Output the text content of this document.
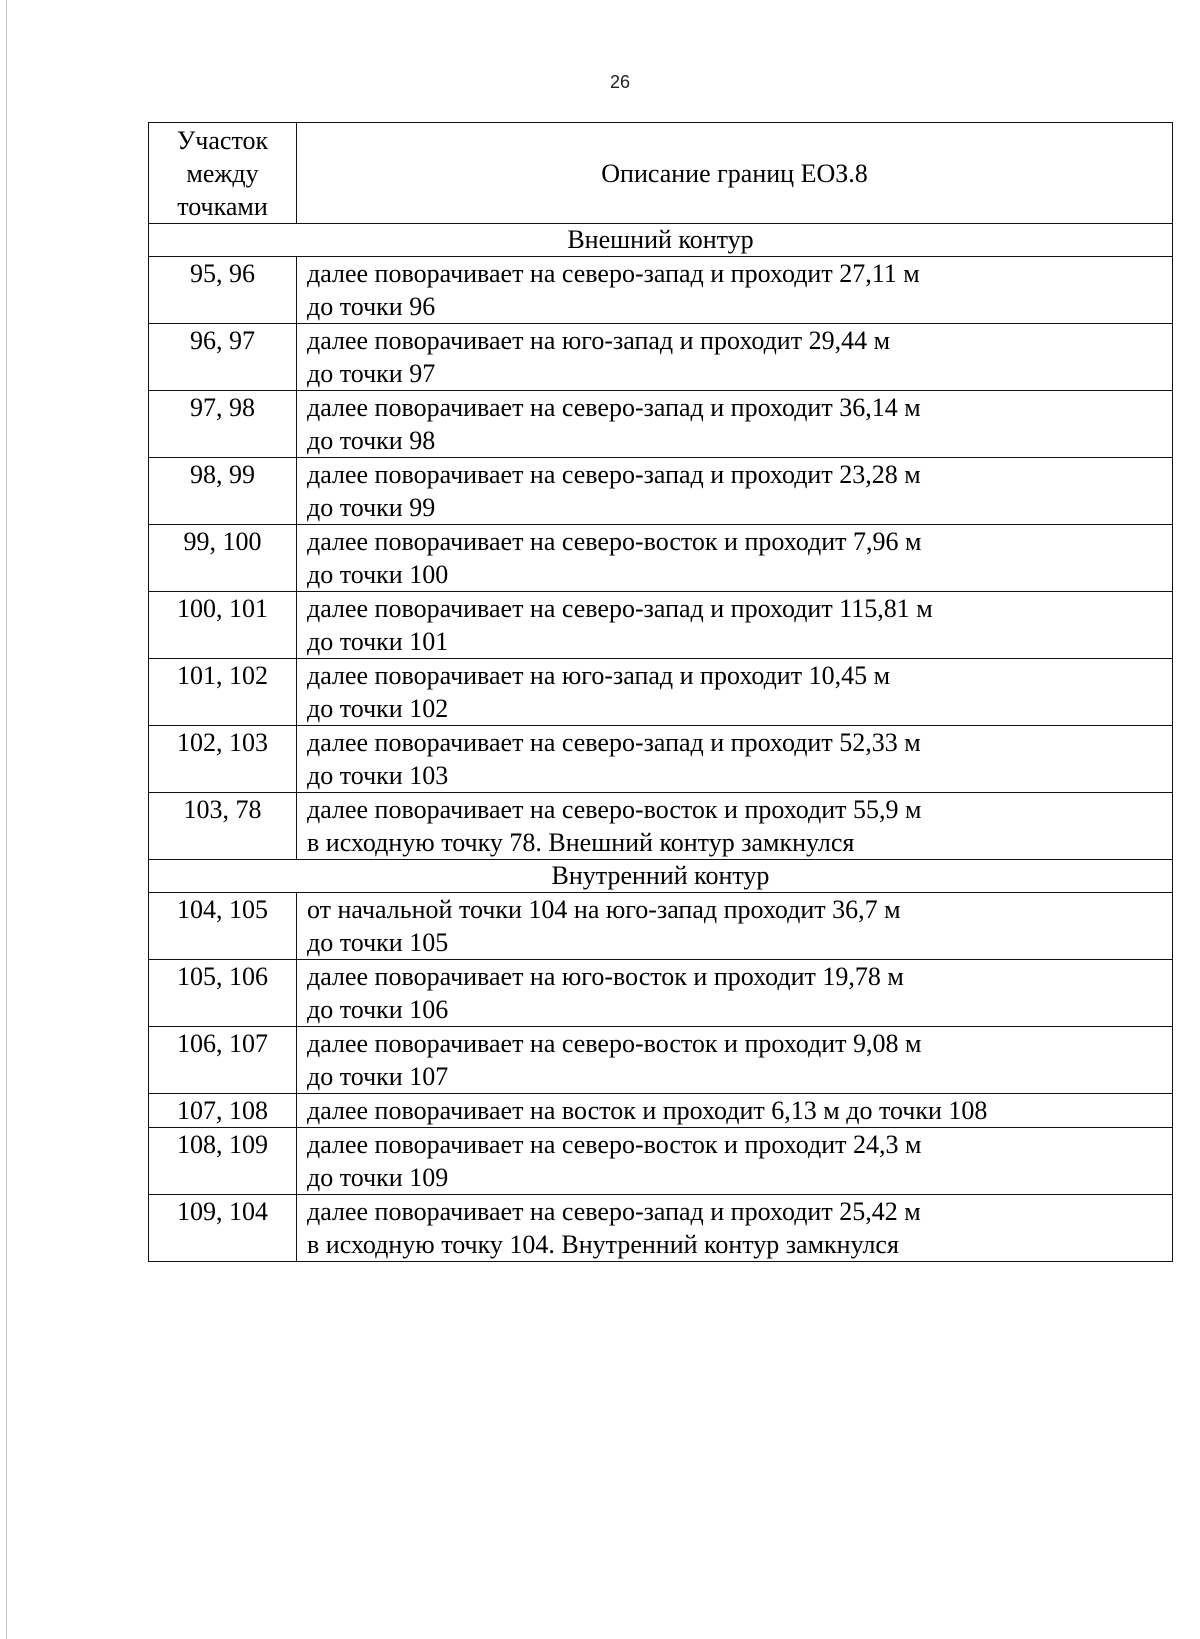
26
Участок
между
точками	Описание границ ЕОЗ.8
Внешний контур	
95, 96	далее поворачивает на северо-запад и проходит 27,11 м
до точки 96

96, 97	далее поворачивает на юго-запад и проходит 29,44 м
до точки 97

97, 98	далее поворачивает на северо-запад и проходит 36,14 м
до точки 98

98, 99	далее поворачивает на северо-запад и проходит 23,28 м
до точки 99

99, 100	далее поворачивает на северо-восток и проходит 7,96 м
до точки 100

100, 101	далее поворачивает на северо-запад и проходит 115,81 м
до точки 101

101, 102	далее поворачивает на юго-запад и проходит 10,45 м
до точки 102

102, 103	далее поворачивает на северо-запад и проходит 52,33 м
до точки 103

103, 78	далее поворачивает на северо-восток и проходит 55,9 м
в исходную точку 78. Внешний контур замкнулся

Внутренний контур	
104, 105	от начальной точки 104 на юго-запад проходит 36,7 м
до точки 105

105, 106	далее поворачивает на юго-восток и проходит 19,78 м
до точки 106

106, 107	далее поворачивает на северо-восток и проходит 9,08 м
до точки 107

107, 108	далее поворачивает на восток и проходит 6,13 м до точки 108

108, 109	далее поворачивает на северо-восток и проходит 24,3 м
до точки 109

109, 104	далее поворачивает на северо-запад и проходит 25,42 м
в исходную точку 104. Внутренний контур замкнулся
